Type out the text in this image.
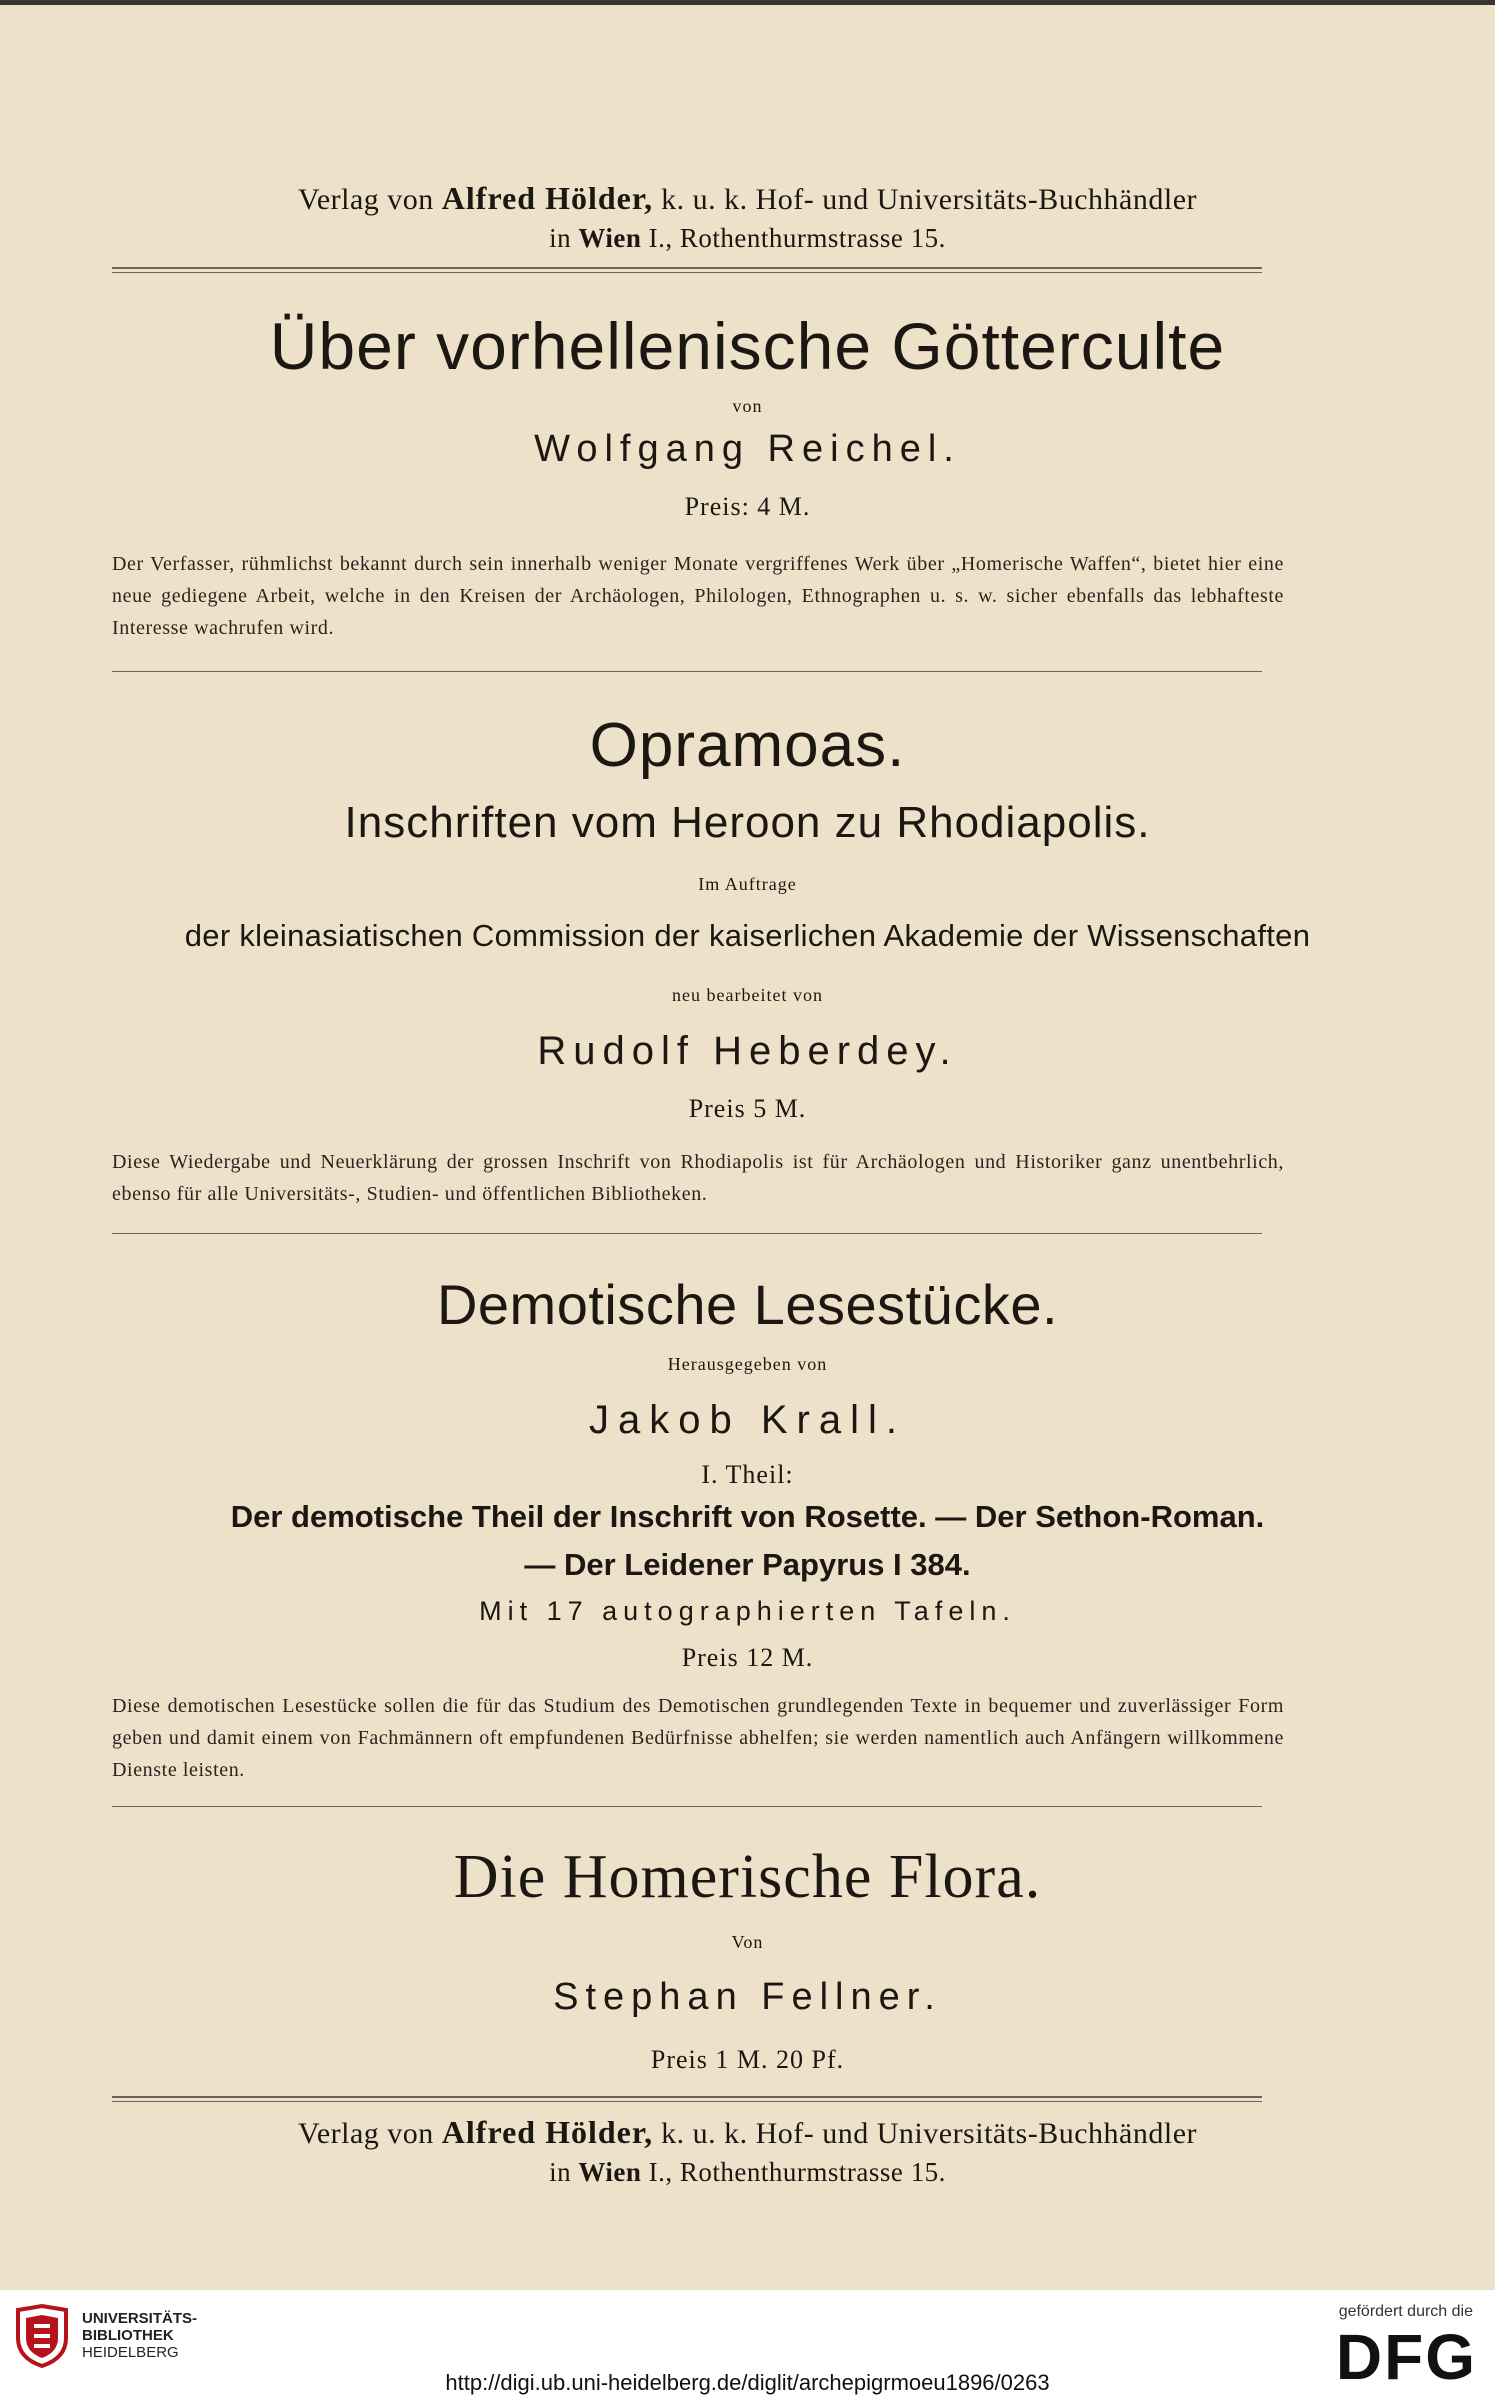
Verlag von Alfred Hölder, k. u. k. Hof- und Universitäts-Buchhändler
in Wien I., Rothenthurmstrasse 15.
Über vorhellenische Götterculte
von
Wolfgang Reichel.
Preis: 4 M.
Der Verfasser, rühmlichst bekannt durch sein innerhalb weniger Monate vergriffenes Werk über „Homerische Waffen“, bietet hier eine neue gediegene Arbeit, welche in den Kreisen der Archäologen, Philologen, Ethnographen u. s. w. sicher ebenfalls das lebhafteste Interesse wachrufen wird.
Opramoas.
Inschriften vom Heroon zu Rhodiapolis.
Im Auftrage
der kleinasiatischen Commission der kaiserlichen Akademie der Wissenschaften
neu bearbeitet von
Rudolf Heberdey.
Preis 5 M.
Diese Wiedergabe und Neuerklärung der grossen Inschrift von Rhodiapolis ist für Archäologen und Historiker ganz unentbehrlich, ebenso für alle Universitäts-, Studien- und öffentlichen Bibliotheken.
Demotische Lesestücke.
Herausgegeben von
Jakob Krall.
I. Theil:
Der demotische Theil der Inschrift von Rosette. — Der Sethon-Roman.
— Der Leidener Papyrus I 384.
Mit 17 autographierten Tafeln.
Preis 12 M.
Diese demotischen Lesestücke sollen die für das Studium des Demotischen grundlegenden Texte in bequemer und zuverlässiger Form geben und damit einem von Fachmännern oft empfundenen Bedürfnisse abhelfen; sie werden namentlich auch Anfängern willkommene Dienste leisten.
Die Homerische Flora.
Von
Stephan Fellner.
Preis 1 M. 20 Pf.
Verlag von Alfred Hölder, k. u. k. Hof- und Universitäts-Buchhändler
in Wien I., Rothenthurmstrasse 15.
UNIVERSITÄTS-
BIBLIOTHEK
HEIDELBERG
http://digi.ub.uni-heidelberg.de/diglit/archepigrmoeu1896/0263
gefördert durch die
DFG
